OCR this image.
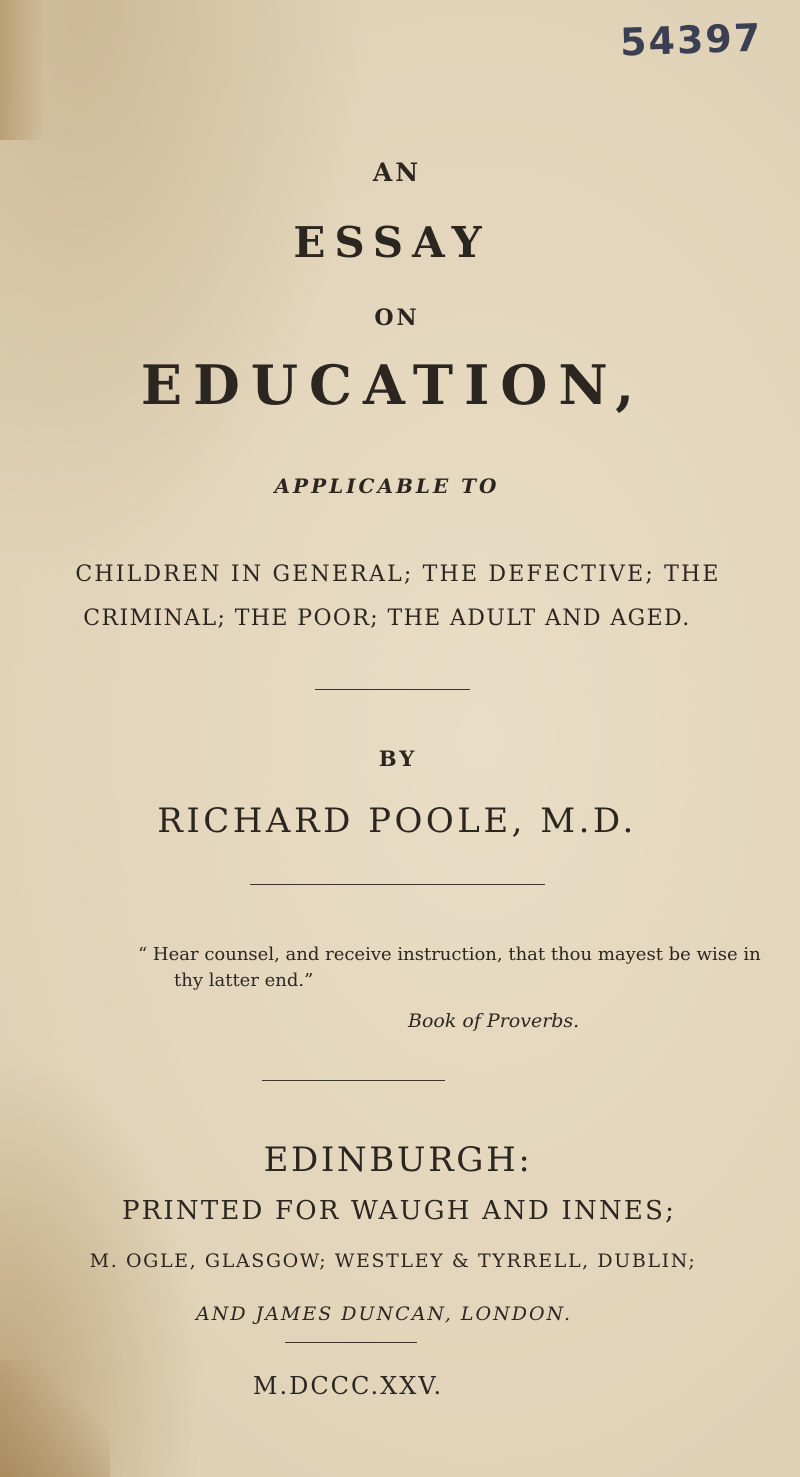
54397
AN
ESSAY
ON
EDUCATION,
APPLICABLE TO
CHILDREN IN GENERAL; THE DEFECTIVE; THE
CRIMINAL; THE POOR; THE ADULT AND AGED.
BY
RICHARD POOLE, M.D.
“ Hear counsel, and receive instruction, that thou mayest be wise in
thy latter end.”
Book of Proverbs.
EDINBURGH:
PRINTED FOR WAUGH AND INNES;
M. OGLE, GLASGOW; WESTLEY & TYRRELL, DUBLIN;
AND JAMES DUNCAN, LONDON.
M.DCCC.XXV.
